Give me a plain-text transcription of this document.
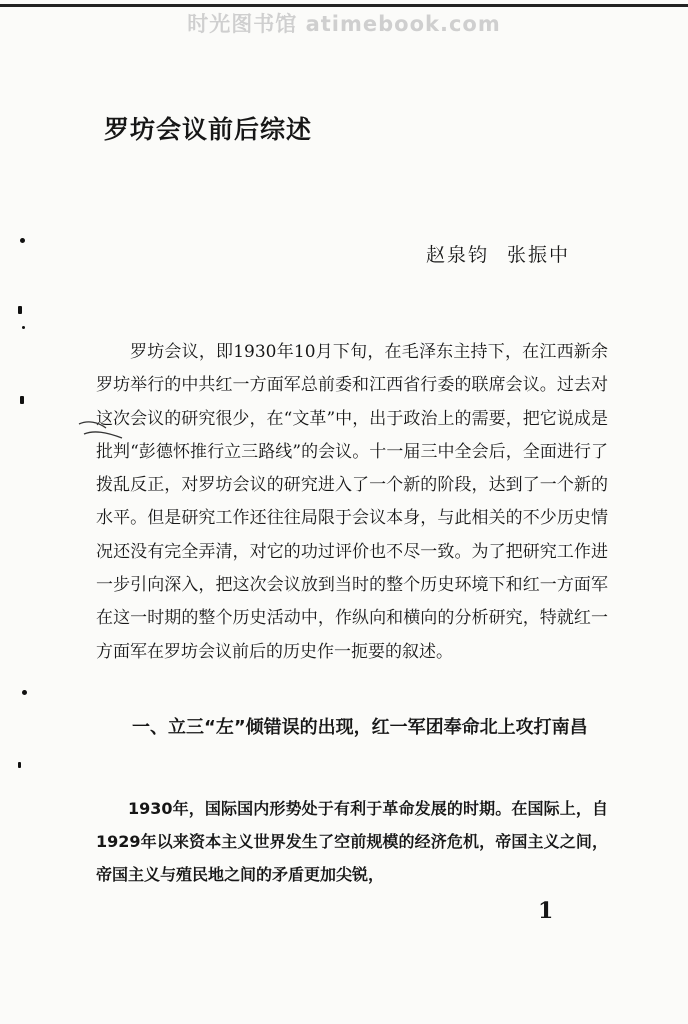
时光图书馆 atimebook.com
罗坊会议前后综述
赵泉钧 张振中

罗坊会议，即1930年10月下旬，在毛泽东主持下，在江西新余罗坊举行的中共红一方面军总前委和江西省行委的联席会议。过去对这次会议的研究很少，在“文革”中，出于政治上的需要，把它说成是批判“彭德怀推行立三路线”的会议。十一届三中全会后，全面进行了拨乱反正，对罗坊会议的研究进入了一个新的阶段，达到了一个新的水平。但是研究工作还往往局限于会议本身，与此相关的不少历史情况还没有完全弄清，对它的功过评价也不尽一致。为了把研究工作进一步引向深入，把这次会议放到当时的整个历史环境下和红一方面军在这一时期的整个历史活动中，作纵向和横向的分析研究，特就红一方面军在罗坊会议前后的历史作一扼要的叙述。

一、立三“左”倾错误的出现，红一军团奉命北上攻打南昌

1930年，国际国内形势处于有利于革命发展的时期。在国际上，自1929年以来资本主义世界发生了空前规模的经济危机，帝国主义之间，帝国主义与殖民地之间的矛盾更加尖锐，

1
